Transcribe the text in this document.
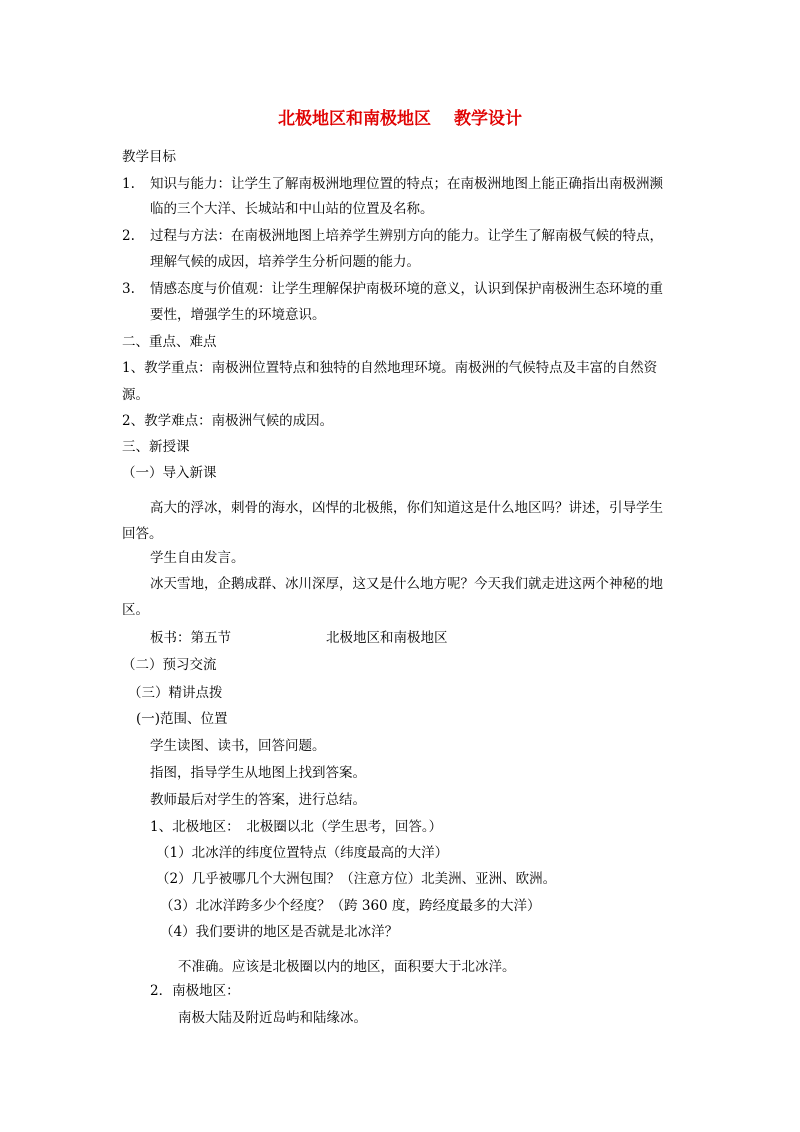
北极地区和南极地区　 教学设计
教学目标
1. 知识与能力：让学生了解南极洲地理位置的特点；在南极洲地图上能正确指出南极洲濒
临的三个大洋、长城站和中山站的位置及名称。
2. 过程与方法：在南极洲地图上培养学生辨别方向的能力。让学生了解南极气候的特点，
理解气候的成因，培养学生分析问题的能力。
3. 情感态度与价值观：让学生理解保护南极环境的意义，认识到保护南极洲生态环境的重
要性，增强学生的环境意识。
二、重点、难点
1、教学重点：南极洲位置特点和独特的自然地理环境。南极洲的气候特点及丰富的自然资
源。
2、教学难点：南极洲气候的成因。
三、新授课
（一）导入新课
高大的浮冰，刺骨的海水，凶悍的北极熊，你们知道这是什么地区吗？讲述，引导学生
回答。
学生自由发言。
冰天雪地，企鹅成群、冰川深厚，这又是什么地方呢？今天我们就走进这两个神秘的地
区。
板书：第五节	北极地区和南极地区
（二）预习交流
（三）精讲点拨
(一)范围、位置
学生读图、读书，回答问题。
指图，指导学生从地图上找到答案。
教师最后对学生的答案，进行总结。
1、北极地区：　北极圈以北（学生思考，回答。）
（1）北冰洋的纬度位置特点（纬度最高的大洋）
（2）几乎被哪几个大洲包围？（注意方位）北美洲、亚洲、欧洲。
（3）北冰洋跨多少个经度？（跨 360 度，跨经度最多的大洋）
（4）我们要讲的地区是否就是北冰洋？
不准确。应该是北极圈以内的地区，面积要大于北冰洋。
2．南极地区：
南极大陆及附近岛屿和陆缘冰。
